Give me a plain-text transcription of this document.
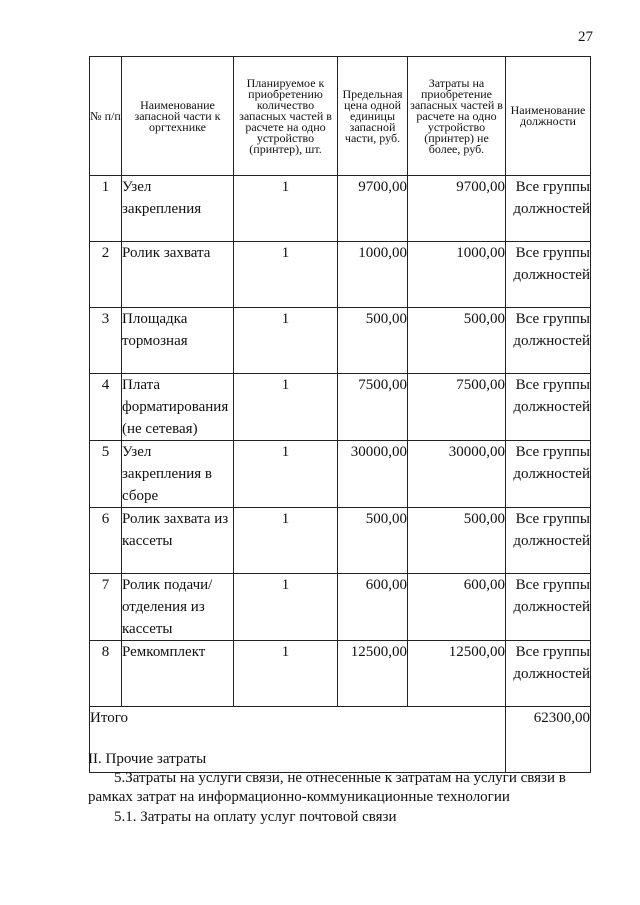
27
№ п/п	Наименование запасной части к оргтехнике	Планируемое к приобретению количество запасных частей в расчете на одно устройство (принтер), шт.	Предельная цена одной единицы запасной части, руб.	Затраты на приобретение запасных частей в расчете на одно устройство (принтер) не более, руб.	Наименование должности
1	Узел закрепления	1	9700,00	9700,00	Все группы должностей
2	Ролик захвата	1	1000,00	1000,00	Все группы должностей
3	Площадка тормозная	1	500,00	500,00	Все группы должностей
4	Плата форматирования (не сетевая)	1	7500,00	7500,00	Все группы должностей
5	Узел закрепления в сборе	1	30000,00	30000,00	Все группы должностей
6	Ролик захвата из кассеты	1	500,00	500,00	Все группы должностей
7	Ролик подачи/отделения из кассеты	1	600,00	600,00	Все группы должностей
8	Ремкомплект	1	12500,00	12500,00	Все группы должностей
Итого					62300,00
II. Прочие затраты
5.Затраты на услуги связи, не отнесенные к затратам на услуги связи в рамках затрат на информационно-коммуникационные технологии
5.1. Затраты на оплату услуг почтовой связи
